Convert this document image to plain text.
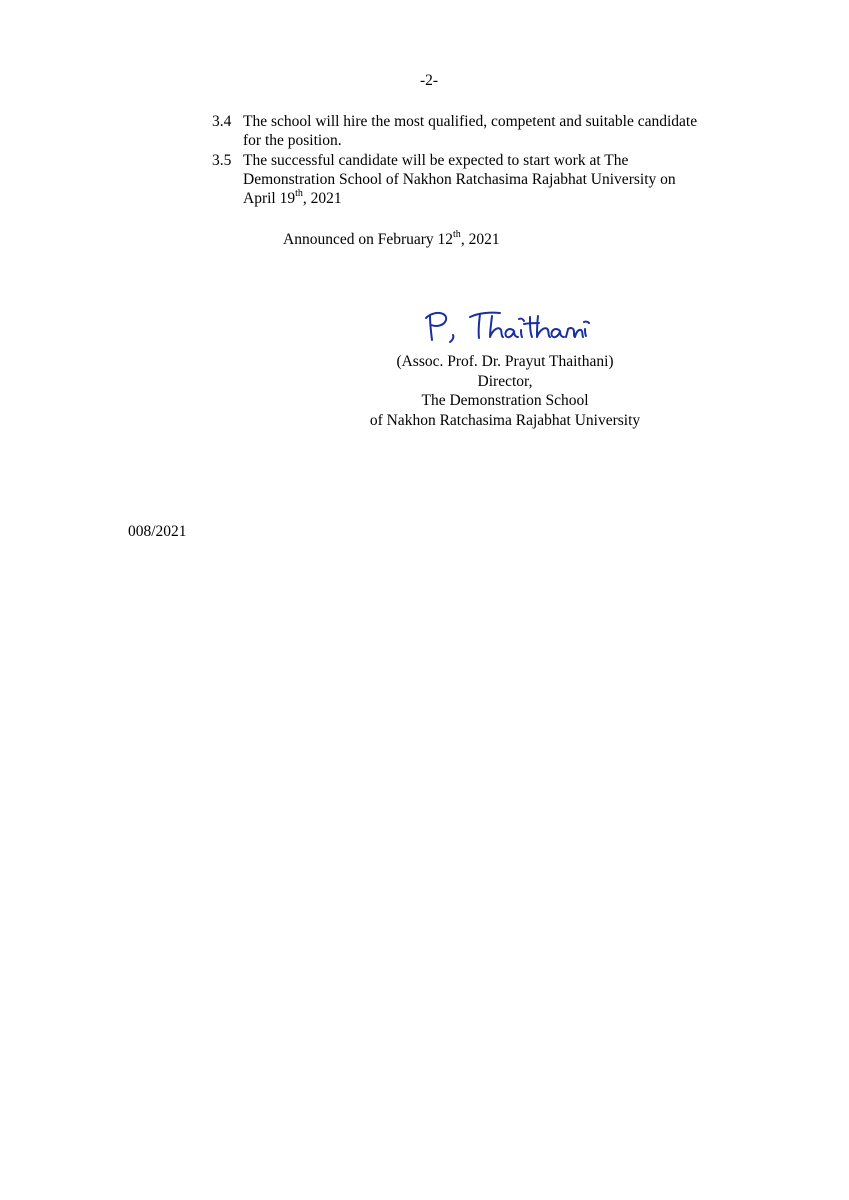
-2-
3.4 The school will hire the most qualified, competent and suitable candidate
for the position.
3.5 The successful candidate will be expected to start work at The
Demonstration School of Nakhon Ratchasima Rajabhat University on
April 19th, 2021
Announced on February 12th, 2021
(Assoc. Prof. Dr. Prayut Thaithani)
Director,
The Demonstration School
of Nakhon Ratchasima Rajabhat University
008/2021
